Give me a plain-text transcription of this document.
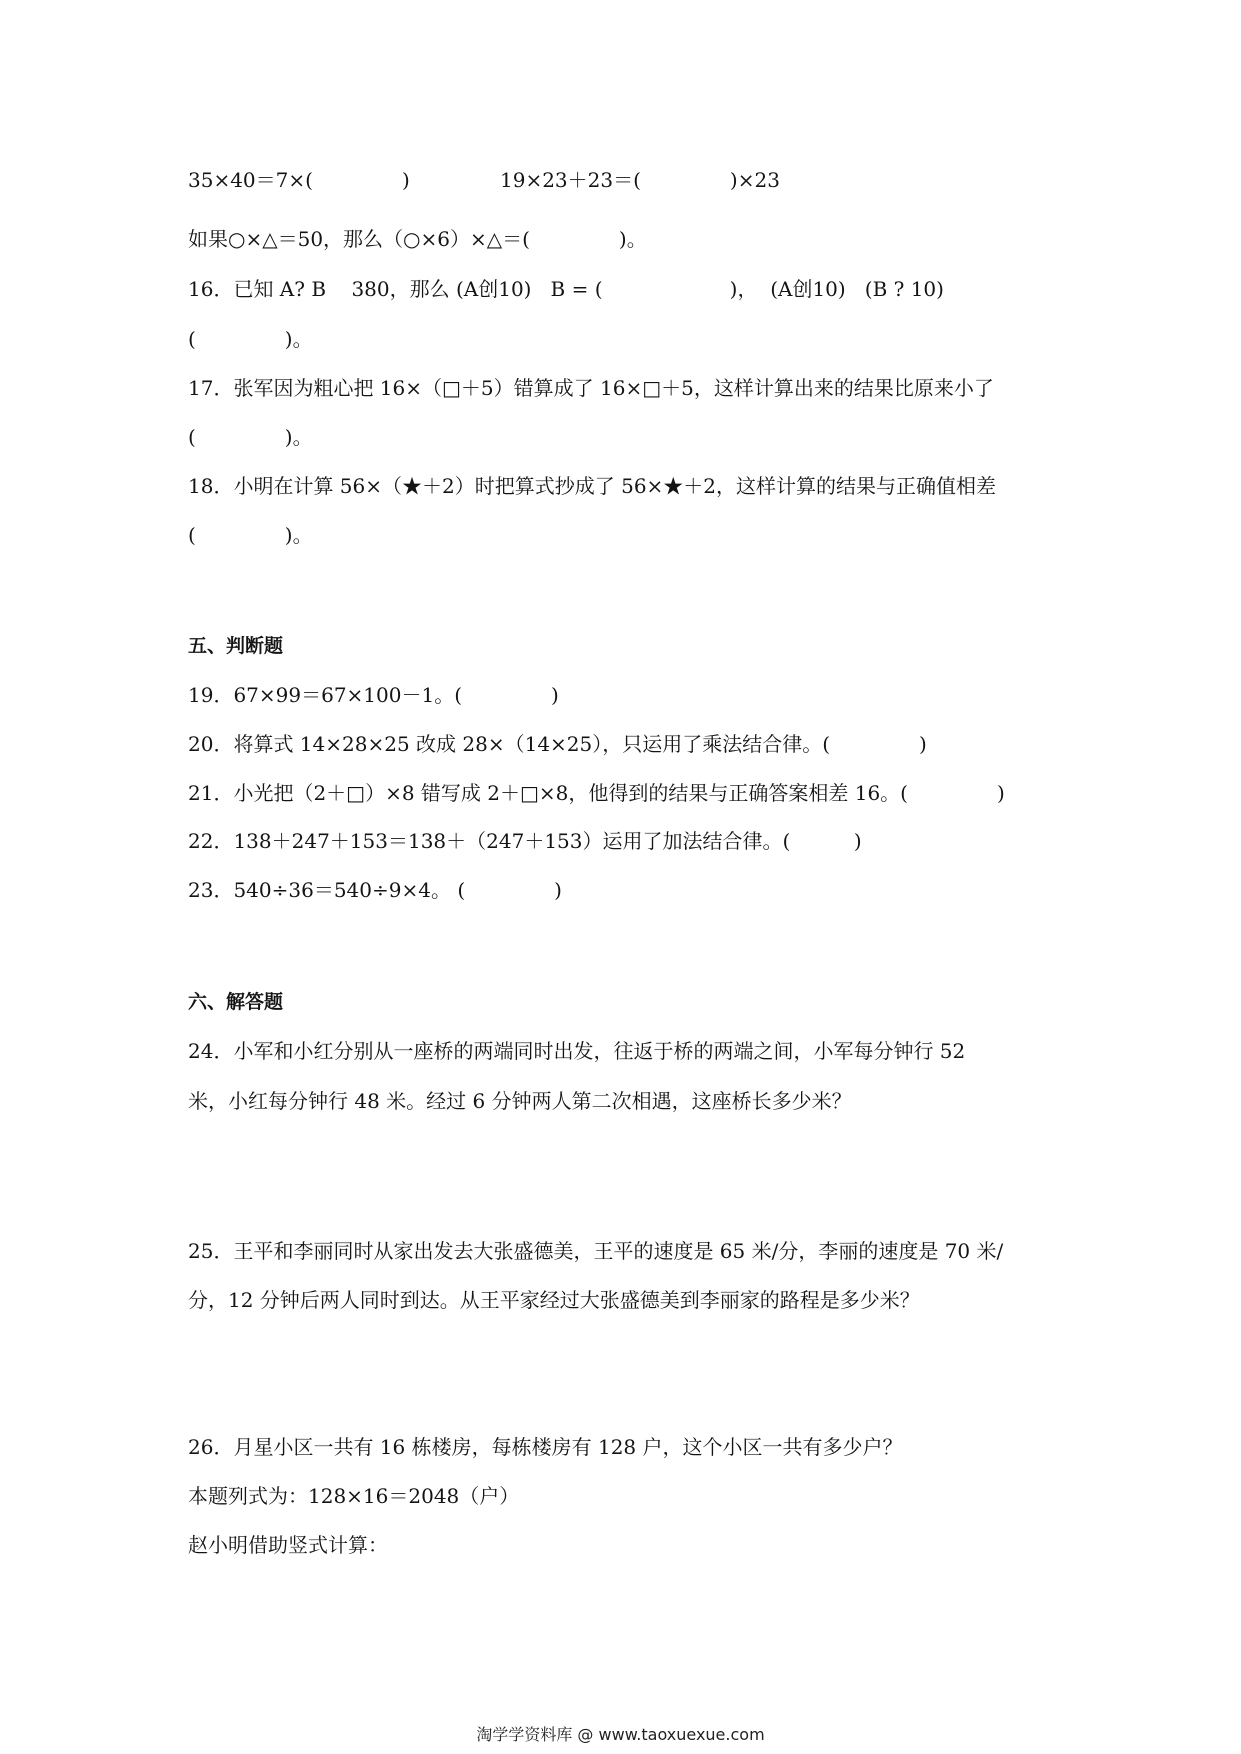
35×40＝7×(              )	19×23＋23＝(              )×23
如果○×△＝50，那么（○×6）×△＝(              )。
16．已知 A? B    380，那么 (A创10)   B = (                    )，  (A创10)   (B ? 10)
(              )。
17．张军因为粗心把 16×（□＋5）错算成了 16×□＋5，这样计算出来的结果比原来小了
(              )。
18．小明在计算 56×（★＋2）时把算式抄成了 56×★＋2，这样计算的结果与正确值相差
(              )。
五、判断题
19．67×99＝67×100－1。(              )
20．将算式 14×28×25 改成 28×（14×25），只运用了乘法结合律。(              )
21．小光把（2＋□）×8 错写成 2＋□×8，他得到的结果与正确答案相差 16。(              )
22．138＋247＋153＝138＋（247＋153）运用了加法结合律。(          )
23．540÷36＝540÷9×4。 (              )
六、解答题
24．小军和小红分别从一座桥的两端同时出发，往返于桥的两端之间，小军每分钟行 52
米，小红每分钟行 48 米。经过 6 分钟两人第二次相遇，这座桥长多少米？
25．王平和李丽同时从家出发去大张盛德美，王平的速度是 65 米/分，李丽的速度是 70 米/
分，12 分钟后两人同时到达。从王平家经过大张盛德美到李丽家的路程是多少米？
26．月星小区一共有 16 栋楼房，每栋楼房有 128 户，这个小区一共有多少户？
本题列式为：128×16＝2048（户）
赵小明借助竖式计算：
淘学学资料库 @ www.taoxuexue.com
